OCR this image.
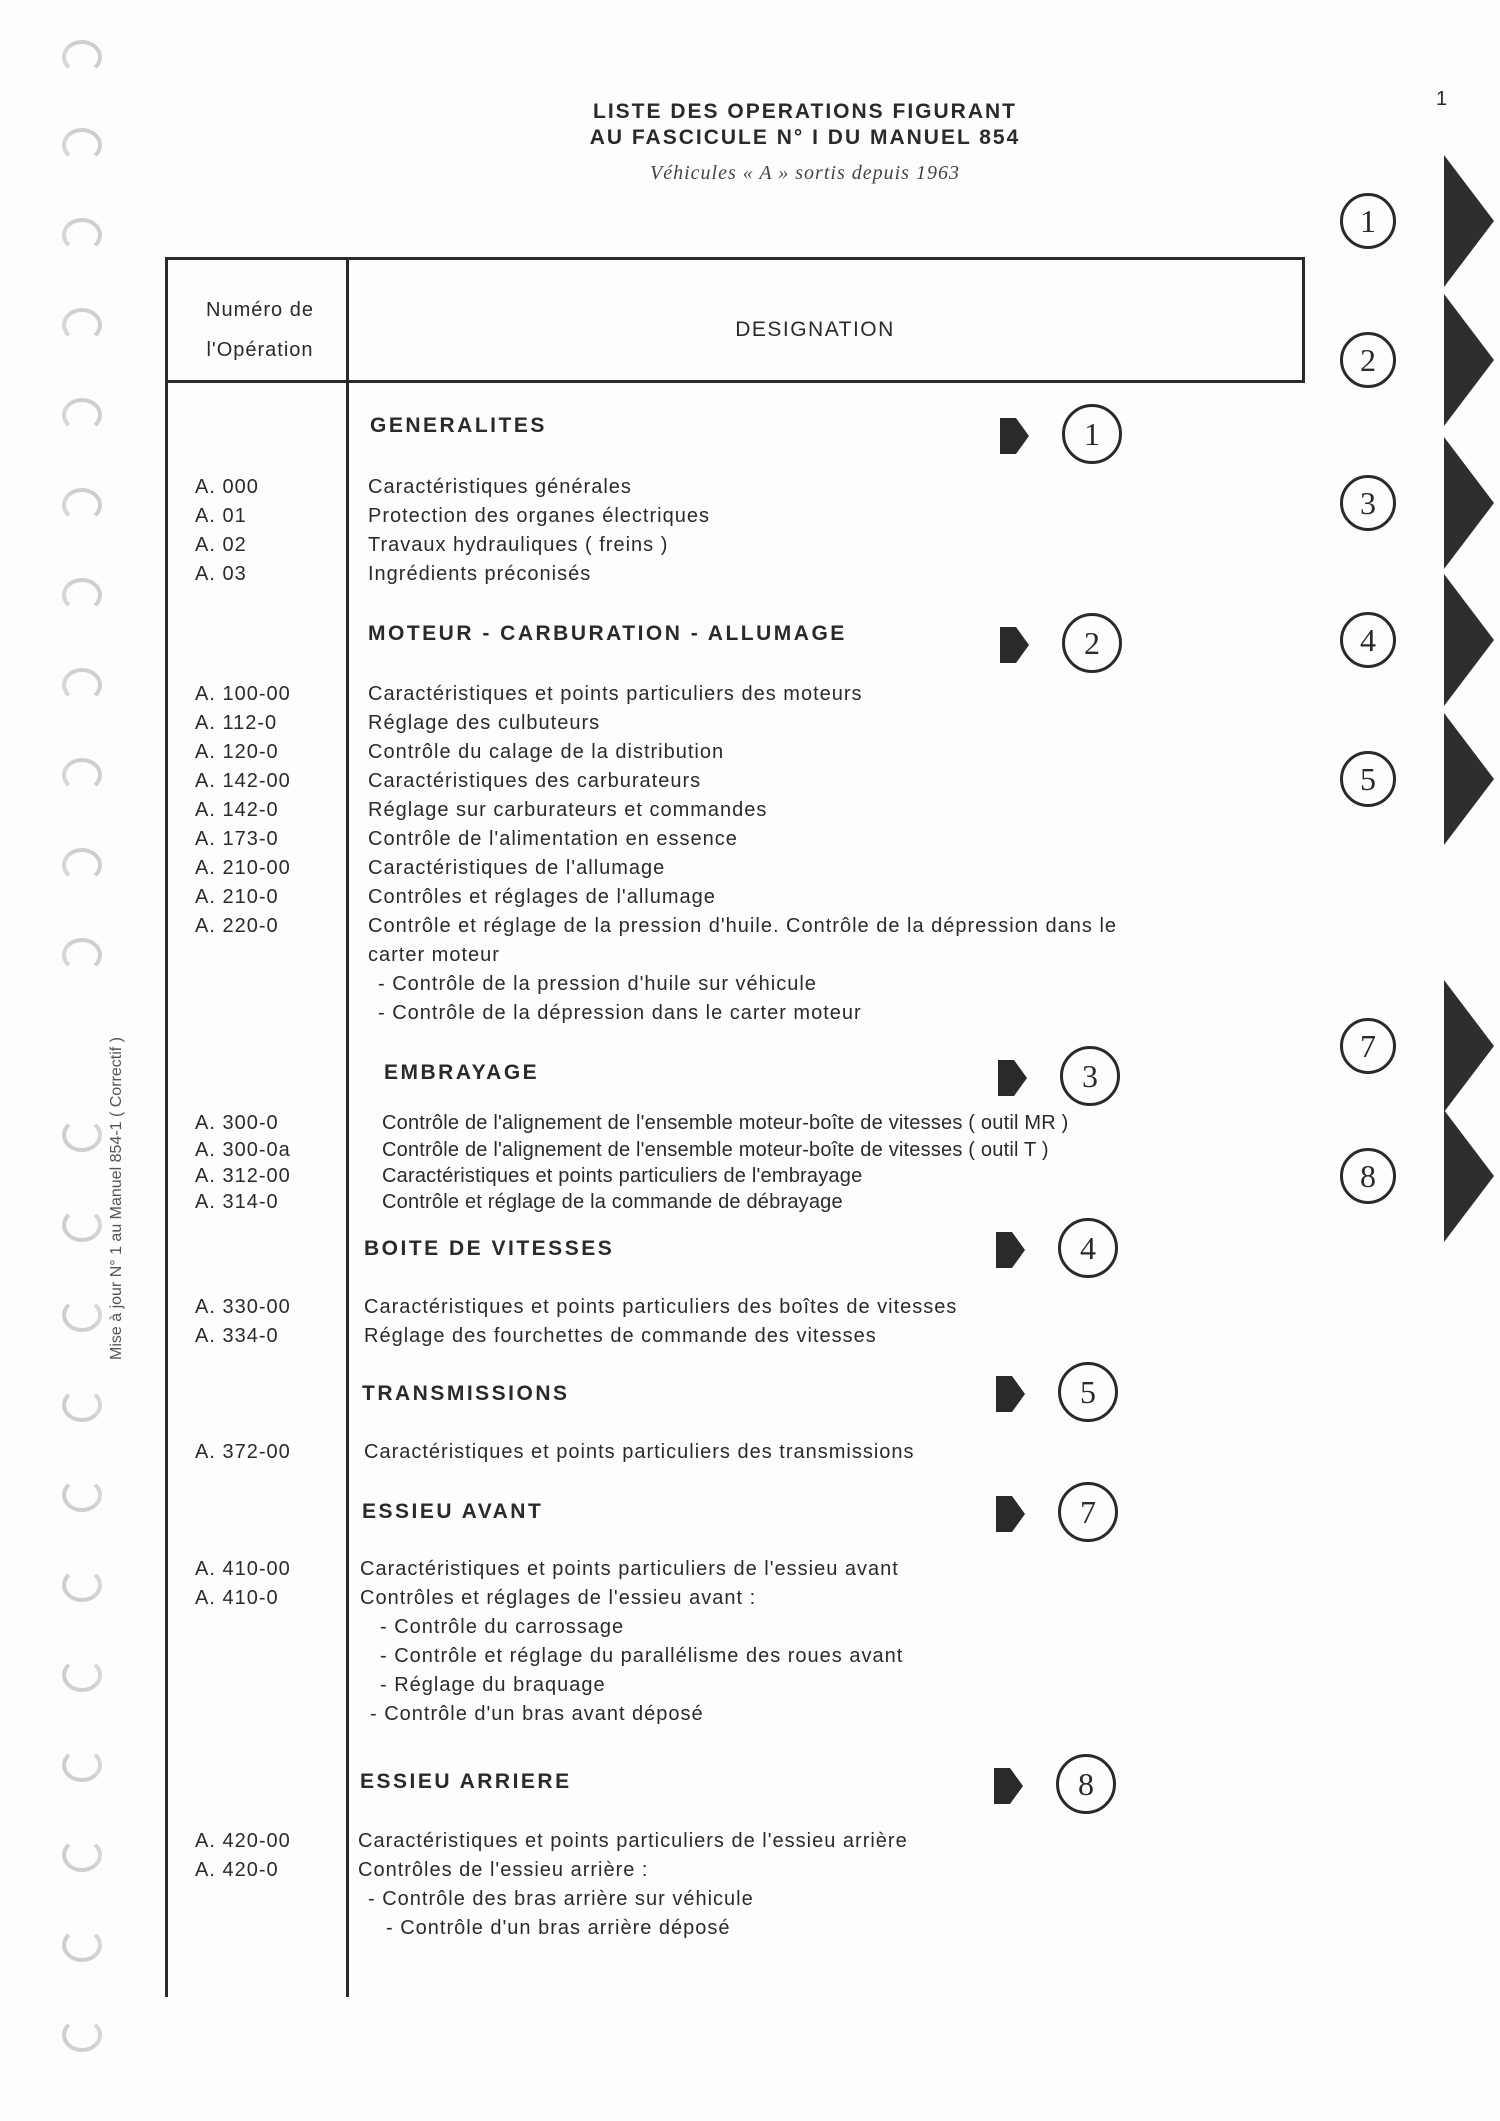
1
LISTE DES OPERATIONS FIGURANT
AU FASCICULE N° I DU MANUEL 854
Véhicules « A » sortis depuis 1963
Mise à jour N° 1 au Manuel 854-1 ( Correctif )
1
2
3
4
5
7
8
Numéro de
l'Opération
DESIGNATION
GENERALITES	1
MOTEUR - CARBURATION - ALLUMAGE	2
EMBRAYAGE	3
BOITE DE VITESSES	4
TRANSMISSIONS	5
ESSIEU AVANT	7
ESSIEU ARRIERE	8
A. 000	Caractéristiques générales
A. 01	Protection des organes électriques
A. 02	Travaux hydrauliques ( freins )
A. 03	Ingrédients préconisés
A. 100-00	Caractéristiques et points particuliers des moteurs
A. 112-0	Réglage des culbuteurs
A. 120-0	Contrôle du calage de la distribution
A. 142-00	Caractéristiques des carburateurs
A. 142-0	Réglage sur carburateurs et commandes
A. 173-0	Contrôle de l'alimentation en essence
A. 210-00	Caractéristiques de l'allumage
A. 210-0	Contrôles et réglages de l'allumage
A. 220-0	Contrôle et réglage de la pression d'huile. Contrôle de la dépression dans le
carter moteur
- Contrôle de la pression d'huile sur véhicule
- Contrôle de la dépression dans le carter moteur
A. 300-0	Contrôle de l'alignement de l'ensemble moteur-boîte de vitesses ( outil MR )
A. 300-0a	Contrôle de l'alignement de l'ensemble moteur-boîte de vitesses ( outil T )
A. 312-00	Caractéristiques et points particuliers de l'embrayage
A. 314-0	Contrôle et réglage de la commande de débrayage
A. 330-00	Caractéristiques et points particuliers des boîtes de vitesses
A. 334-0	Réglage des fourchettes de commande des vitesses
A. 372-00	Caractéristiques et points particuliers des transmissions
A. 410-00	Caractéristiques et points particuliers de l'essieu avant
A. 410-0	Contrôles et réglages de l'essieu avant :
- Contrôle du carrossage
- Contrôle et réglage du parallélisme des roues avant
- Réglage du braquage
- Contrôle d'un bras avant déposé
A. 420-00	Caractéristiques et points particuliers de l'essieu arrière
A. 420-0	Contrôles de l'essieu arrière :
- Contrôle des bras arrière sur véhicule
- Contrôle d'un bras arrière déposé
